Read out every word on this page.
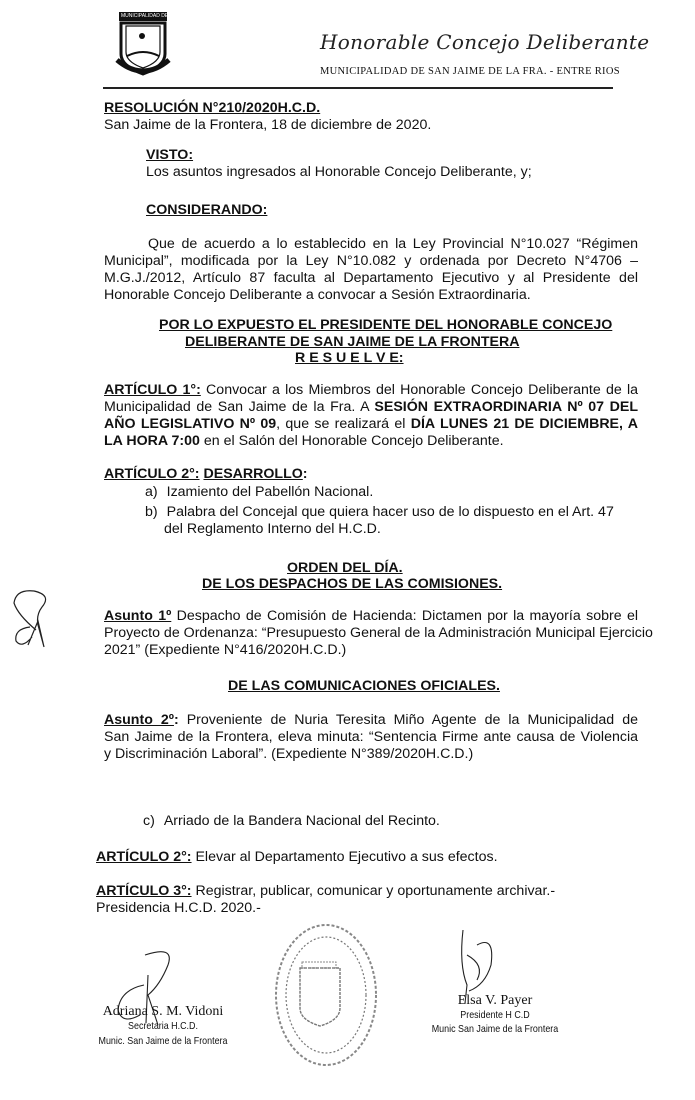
MUNICIPALIDAD DE
Honorable Concejo Deliberante
MUNICIPALIDAD DE SAN JAIME DE LA FRA. - ENTRE RIOS
RESOLUCIÓN N°210/2020H.C.D.
San Jaime de la Frontera, 18 de diciembre de 2020.
VISTO:
Los asuntos ingresados al Honorable Concejo Deliberante, y;
CONSIDERANDO:
Que de acuerdo a lo establecido en la Ley Provincial N°10.027 “Régimen
Municipal”, modificada por la Ley N°10.082 y ordenada por Decreto N°4706 –
M.G.J./2012, Artículo 87 faculta al Departamento Ejecutivo y al Presidente del
Honorable Concejo Deliberante a convocar a Sesión Extraordinaria.
POR LO EXPUESTO EL PRESIDENTE DEL HONORABLE CONCEJO
DELIBERANTE DE SAN JAIME DE LA FRONTERA
R E S U E L V E:
ARTÍCULO 1°: Convocar a los Miembros del Honorable Concejo Deliberante de la
Municipalidad de San Jaime de la Fra. A SESIÓN EXTRAORDINARIA Nº 07 DEL
AÑO LEGISLATIVO Nº 09, que se realizará el DÍA LUNES 21 DE DICIEMBRE, A
LA HORA 7:00 en el Salón del Honorable Concejo Deliberante.
ARTÍCULO 2°: DESARROLLO:
a) Izamiento del Pabellón Nacional.
b) Palabra del Concejal que quiera hacer uso de lo dispuesto en el Art. 47
del Reglamento Interno del H.C.D.
ORDEN DEL DÍA.
DE LOS DESPACHOS DE LAS COMISIONES.
Asunto 1º Despacho de Comisión de Hacienda: Dictamen por la mayoría sobre el
Proyecto de Ordenanza: “Presupuesto General de la Administración Municipal Ejercicio
2021” (Expediente N°416/2020H.C.D.)
DE LAS COMUNICACIONES OFICIALES.
Asunto 2º: Proveniente de Nuria Teresita Miño Agente de la Municipalidad de
San Jaime de la Frontera, eleva minuta: “Sentencia Firme ante causa de Violencia
y Discriminación Laboral”. (Expediente N°389/2020H.C.D.)
c) Arriado de la Bandera Nacional del Recinto.
ARTÍCULO 2°: Elevar al Departamento Ejecutivo a sus efectos.
ARTÍCULO 3°: Registrar, publicar, comunicar y oportunamente archivar.-
Presidencia H.C.D. 2020.-
Adriana S. M. Vidoni
Secretaria H.C.D.
Munic. San Jaime de la Frontera
Elsa V. Payer
Presidente H C.D
Munic San Jaime de la Frontera
